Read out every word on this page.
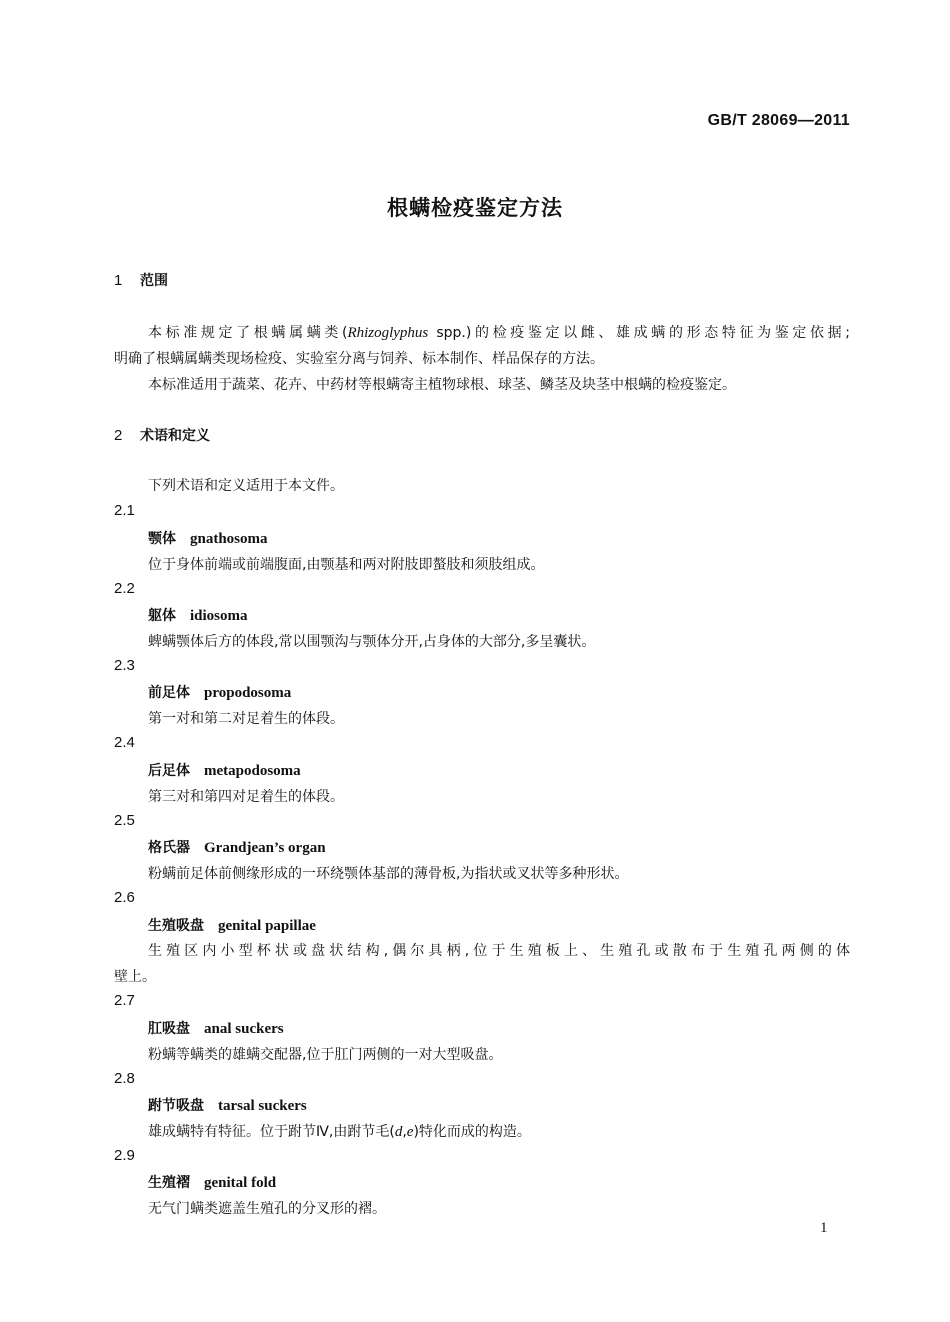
GB/T 28069—2011
根螨检疫鉴定方法
1 范围
本标准规定了根螨属螨类(Rhizoglyphus spp.)的检疫鉴定以雌、雄成螨的形态特征为鉴定依据;
明确了根螨属螨类现场检疫、实验室分离与饲养、标本制作、样品保存的方法。
本标准适用于蔬菜、花卉、中药材等根螨寄主植物球根、球茎、鳞茎及块茎中根螨的检疫鉴定。
2 术语和定义
下列术语和定义适用于本文件。
2.1
颚体 gnathosoma
位于身体前端或前端腹面,由颚基和两对附肢即螯肢和须肢组成。
2.2
躯体 idiosoma
蜱螨颚体后方的体段,常以围颚沟与颚体分开,占身体的大部分,多呈囊状。
2.3
前足体 propodosoma
第一对和第二对足着生的体段。
2.4
后足体 metapodosoma
第三对和第四对足着生的体段。
2.5
格氏器 Grandjean’s organ
粉螨前足体前侧缘形成的一环绕颚体基部的薄骨板,为指状或叉状等多种形状。
2.6
生殖吸盘 genital papillae
生殖区内小型杯状或盘状结构,偶尔具柄,位于生殖板上、生殖孔或散布于生殖孔两侧的体
壁上。
2.7
肛吸盘 anal suckers
粉螨等螨类的雄螨交配器,位于肛门两侧的一对大型吸盘。
2.8
跗节吸盘 tarsal suckers
雄成螨特有特征。位于跗节Ⅳ,由跗节毛(d,e)特化而成的构造。
2.9
生殖褶 genital fold
无气门螨类遮盖生殖孔的分叉形的褶。
1
